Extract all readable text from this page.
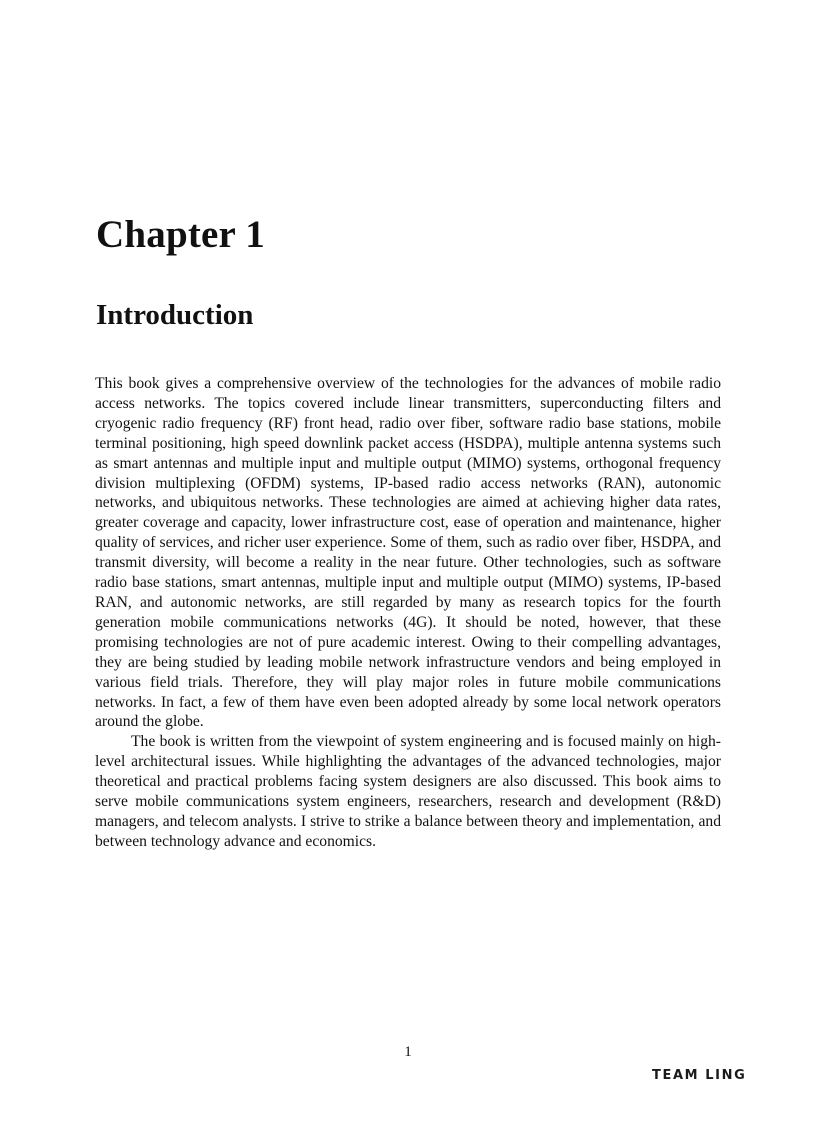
Chapter 1
Introduction

This book gives a comprehensive overview of the technologies for the advances of mobile radio access networks. The topics covered include linear transmitters, superconducting filters and cryogenic radio frequency (RF) front head, radio over fiber, software radio base stations, mobile terminal positioning, high speed downlink packet access (HSDPA), multiple antenna systems such as smart antennas and multiple input and multiple output (MIMO) systems, orthogonal frequency division multiplexing (OFDM) systems, IP-based radio access networks (RAN), autonomic networks, and ubiquitous networks. These technologies are aimed at achieving higher data rates, greater coverage and capacity, lower infrastructure cost, ease of operation and maintenance, higher quality of services, and richer user experience. Some of them, such as radio over fiber, HSDPA, and transmit diversity, will become a reality in the near future. Other technologies, such as software radio base stations, smart antennas, multiple input and multiple output (MIMO) systems, IP-based RAN, and autonomic networks, are still regarded by many as research topics for the fourth generation mobile communications networks (4G). It should be noted, however, that these promising technologies are not of pure academic interest. Owing to their compelling advantages, they are being studied by leading mobile network infrastructure vendors and being employed in various field trials. Therefore, they will play major roles in future mobile communications networks. In fact, a few of them have even been adopted already by some local network operators around the globe.

The book is written from the viewpoint of system engineering and is focused mainly on high-level architectural issues. While highlighting the advantages of the advanced technologies, major theoretical and practical problems facing system designers are also discussed. This book aims to serve mobile communications system engineers, researchers, research and development (R&D) managers, and telecom analysts. I strive to strike a balance between theory and implementation, and between technology advance and economics.

1
TEAM LING
